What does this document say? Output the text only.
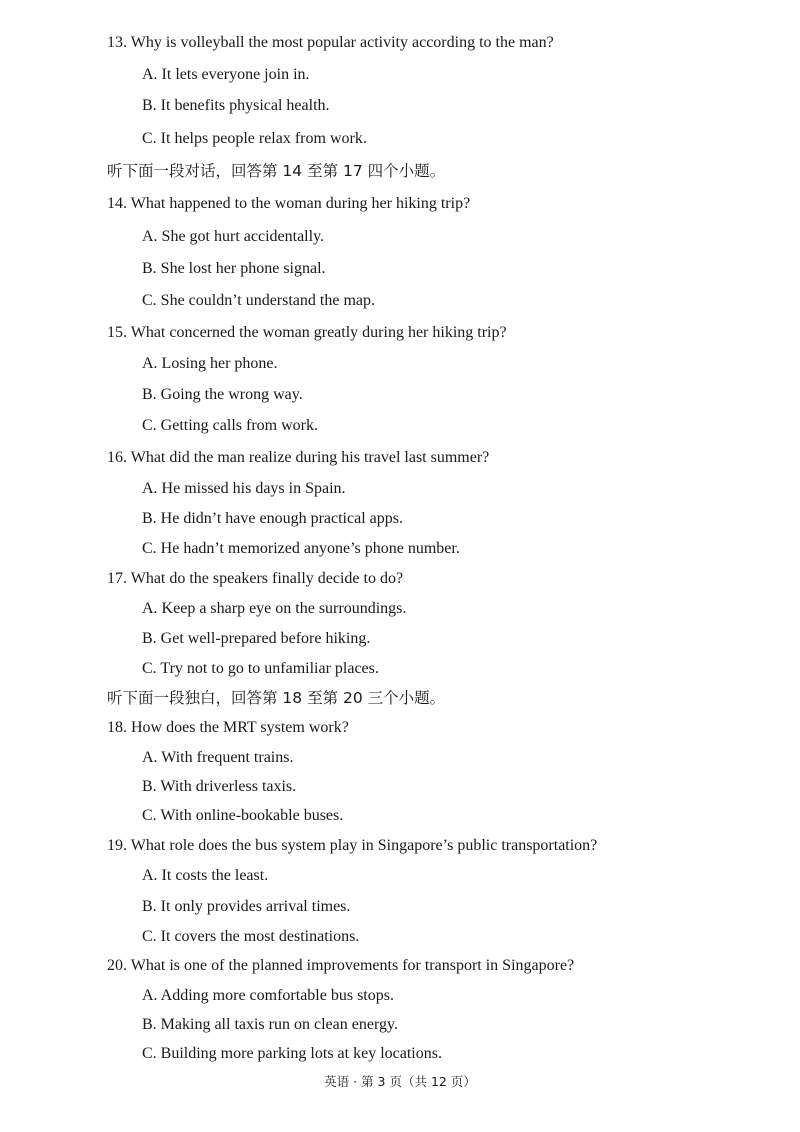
13. Why is volleyball the most popular activity according to the man?
A. It lets everyone join in.
B. It benefits physical health.
C. It helps people relax from work.
听下面一段对话，回答第 14 至第 17 四个小题。
14. What happened to the woman during her hiking trip?
A. She got hurt accidentally.
B. She lost her phone signal.
C. She couldn’t understand the map.
15. What concerned the woman greatly during her hiking trip?
A. Losing her phone.
B. Going the wrong way.
C. Getting calls from work.
16. What did the man realize during his travel last summer?
A. He missed his days in Spain.
B. He didn’t have enough practical apps.
C. He hadn’t memorized anyone’s phone number.
17. What do the speakers finally decide to do?
A. Keep a sharp eye on the surroundings.
B. Get well-prepared before hiking.
C. Try not to go to unfamiliar places.
听下面一段独白，回答第 18 至第 20 三个小题。
18. How does the MRT system work?
A. With frequent trains.
B. With driverless taxis.
C. With online-bookable buses.
19. What role does the bus system play in Singapore’s public transportation?
A. It costs the least.
B. It only provides arrival times.
C. It covers the most destinations.
20. What is one of the planned improvements for transport in Singapore?
A. Adding more comfortable bus stops.
B. Making all taxis run on clean energy.
C. Building more parking lots at key locations.
英语 · 第 3 页（共 12 页）
